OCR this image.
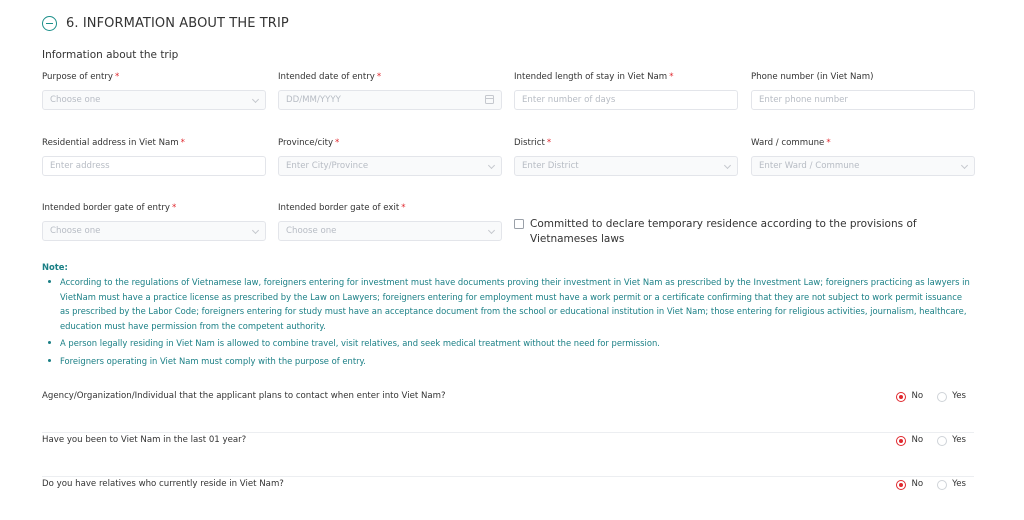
6. INFORMATION ABOUT THE TRIP
Information about the trip
Purpose of entry *
Choose one
Intended date of entry *
DD/MM/YYYY
Intended length of stay in Viet Nam *
Enter number of days
Phone number (in Viet Nam)
Enter phone number
Residential address in Viet Nam *
Enter address
Province/city *
Enter City/Province
District *
Enter District
Ward / commune *
Enter Ward / Commune
Intended border gate of entry *
Choose one
Intended border gate of exit *
Choose one
Committed to declare temporary residence according to the provisions of Vietnameses laws
Note:
According to the regulations of Vietnamese law, foreigners entering for investment must have documents proving their investment in Viet Nam as prescribed by the Investment Law; foreigners practicing as lawyers in VietNam must have a practice license as prescribed by the Law on Lawyers; foreigners entering for employment must have a work permit or a certificate confirming that they are not subject to work permit issuance as prescribed by the Labor Code; foreigners entering for study must have an acceptance document from the school or educational institution in Viet Nam; those entering for religious activities, journalism, healthcare, education must have permission from the competent authority.
A person legally residing in Viet Nam is allowed to combine travel, visit relatives, and seek medical treatment without the need for permission.
Foreigners operating in Viet Nam must comply with the purpose of entry.
Agency/Organization/Individual that the applicant plans to contact when enter into Viet Nam?	No	Yes
Have you been to Viet Nam in the last 01 year?	No	Yes
Do you have relatives who currently reside in Viet Nam?	No	Yes
